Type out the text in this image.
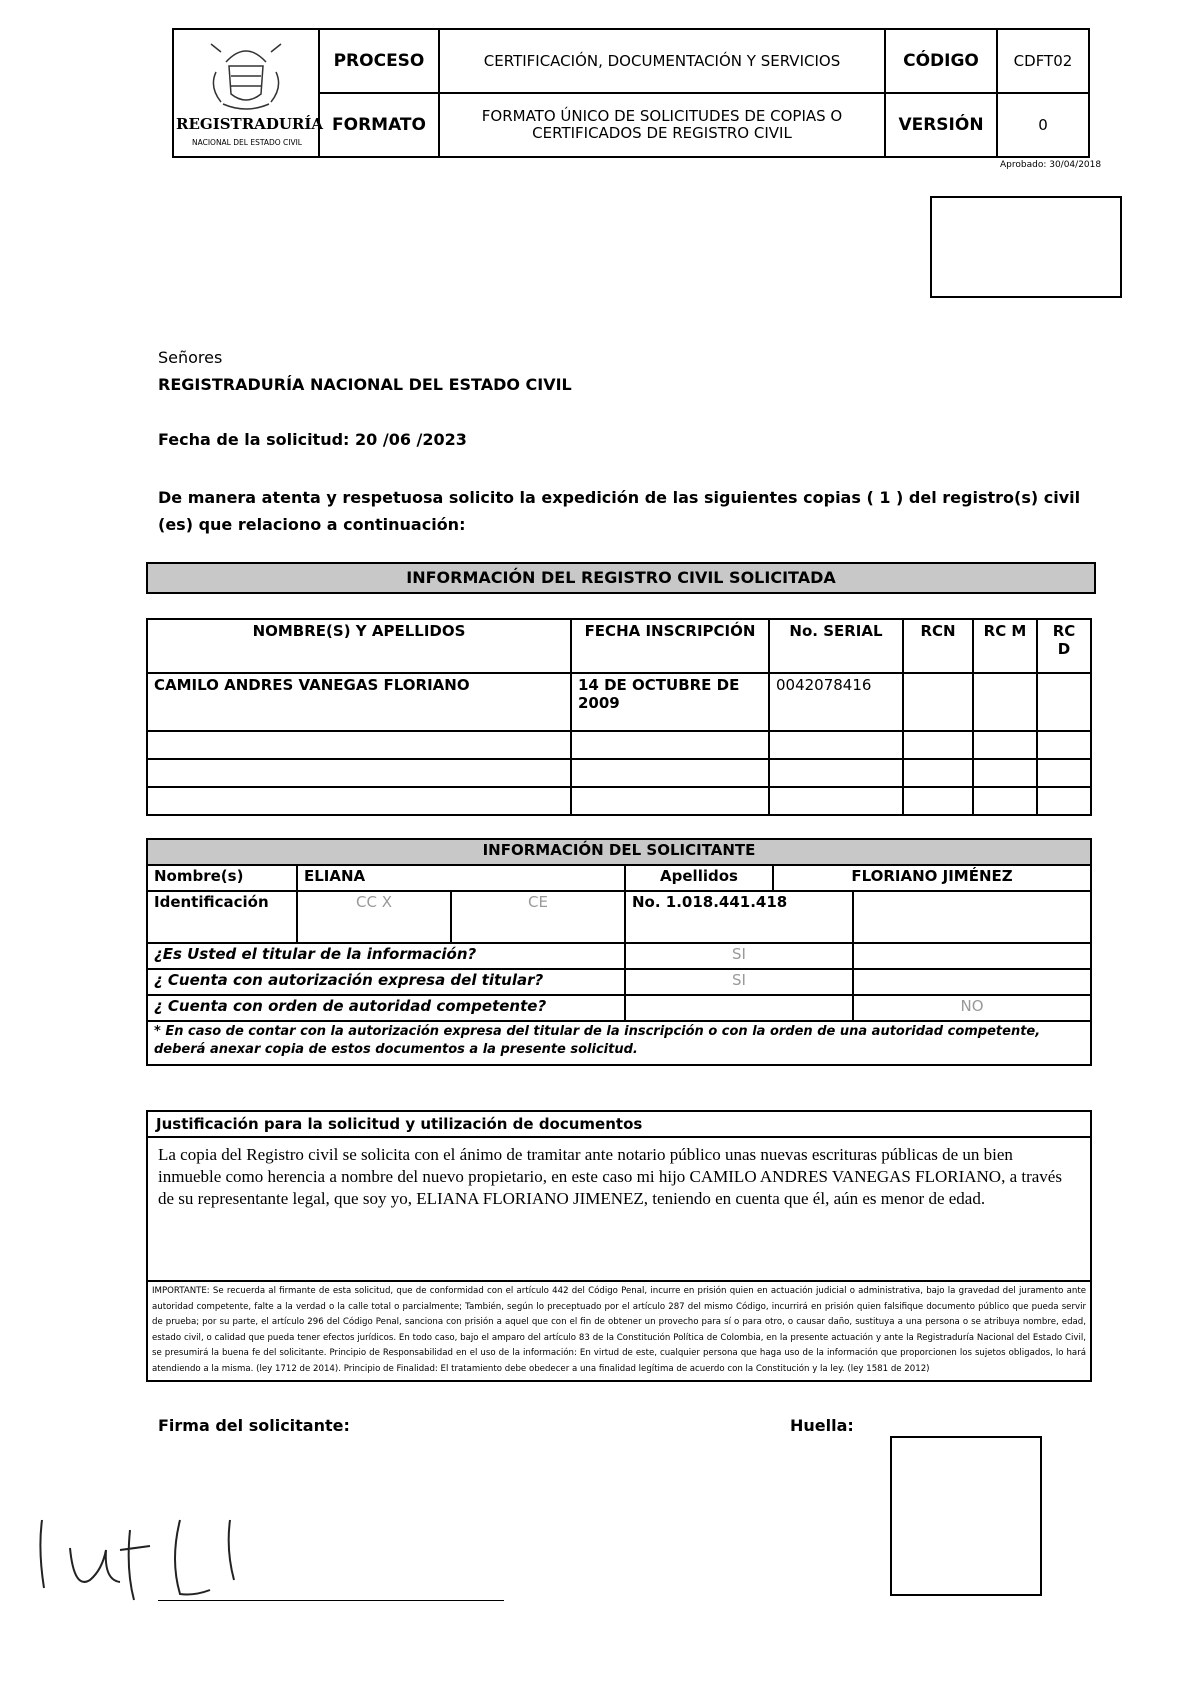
REGISTRADURÍA
NACIONAL DEL ESTADO CIVIL	PROCESO	CERTIFICACIÓN, DOCUMENTACIÓN Y SERVICIOS	CÓDIGO	CDFT02
	FORMATO	FORMATO ÚNICO DE SOLICITUDES DE COPIAS O CERTIFICADOS DE REGISTRO CIVIL	VERSIÓN	0
Aprobado: 30/04/2018
Señores
REGISTRADURÍA NACIONAL DEL ESTADO CIVIL
Fecha de la solicitud: 20 /06 /2023
De manera atenta y respetuosa solicito la expedición de las siguientes copias ( 1 ) del registro(s) civil (es) que relaciono a continuación:
INFORMACIÓN DEL REGISTRO CIVIL SOLICITADA
NOMBRE(S) Y APELLIDOS	FECHA INSCRIPCIÓN	No. SERIAL	RCN	RC M	RC D
CAMILO ANDRES VANEGAS FLORIANO	14 DE OCTUBRE DE 2009	0042078416			

INFORMACIÓN DEL SOLICITANTE					
Nombre(s)	ELIANA		Apellidos	FLORIANO JIMÉNEZ	
Identificación	CC X	CE	No. 1.018.441.418		
¿Es Usted el titular de la información?			SI		
¿ Cuenta con autorización expresa del titular?			SI		
¿ Cuenta con orden de autoridad competente?					NO
* En caso de contar con la autorización expresa del titular de la inscripción o con la orden de una autoridad competente, deberá anexar copia de estos documentos a la presente solicitud.					
Justificación para la solicitud y utilización de documentos
La copia del Registro civil se solicita con el ánimo de tramitar ante notario público unas nuevas escrituras públicas de un bien inmueble como herencia a nombre del nuevo propietario, en este caso mi hijo CAMILO ANDRES VANEGAS FLORIANO, a través de su representante legal, que soy yo, ELIANA FLORIANO JIMENEZ, teniendo en cuenta que él, aún es menor de edad.
IMPORTANTE: Se recuerda al firmante de esta solicitud, que de conformidad con el artículo 442 del Código Penal, incurre en prisión quien en actuación judicial o administrativa, bajo la gravedad del juramento ante autoridad competente, falte a la verdad o la calle total o parcialmente; También, según lo preceptuado por el artículo 287 del mismo Código, incurrirá en prisión quien falsifique documento público que pueda servir de prueba; por su parte, el artículo 296 del Código Penal, sanciona con prisión a aquel que con el fin de obtener un provecho para sí o para otro, o causar daño, sustituya a una persona o se atribuya nombre, edad, estado civil, o calidad que pueda tener efectos jurídicos. En todo caso, bajo el amparo del artículo 83 de la Constitución Política de Colombia, en la presente actuación y ante la Registraduría Nacional del Estado Civil, se presumirá la buena fe del solicitante. Principio de Responsabilidad en el uso de la información: En virtud de este, cualquier persona que haga uso de la información que proporcionen los sujetos obligados, lo hará atendiendo a la misma. (ley 1712 de 2014). Principio de Finalidad: El tratamiento debe obedecer a una finalidad legítima de acuerdo con la Constitución y la ley. (ley 1581 de 2012)
Firma del solicitante:	Huella:
